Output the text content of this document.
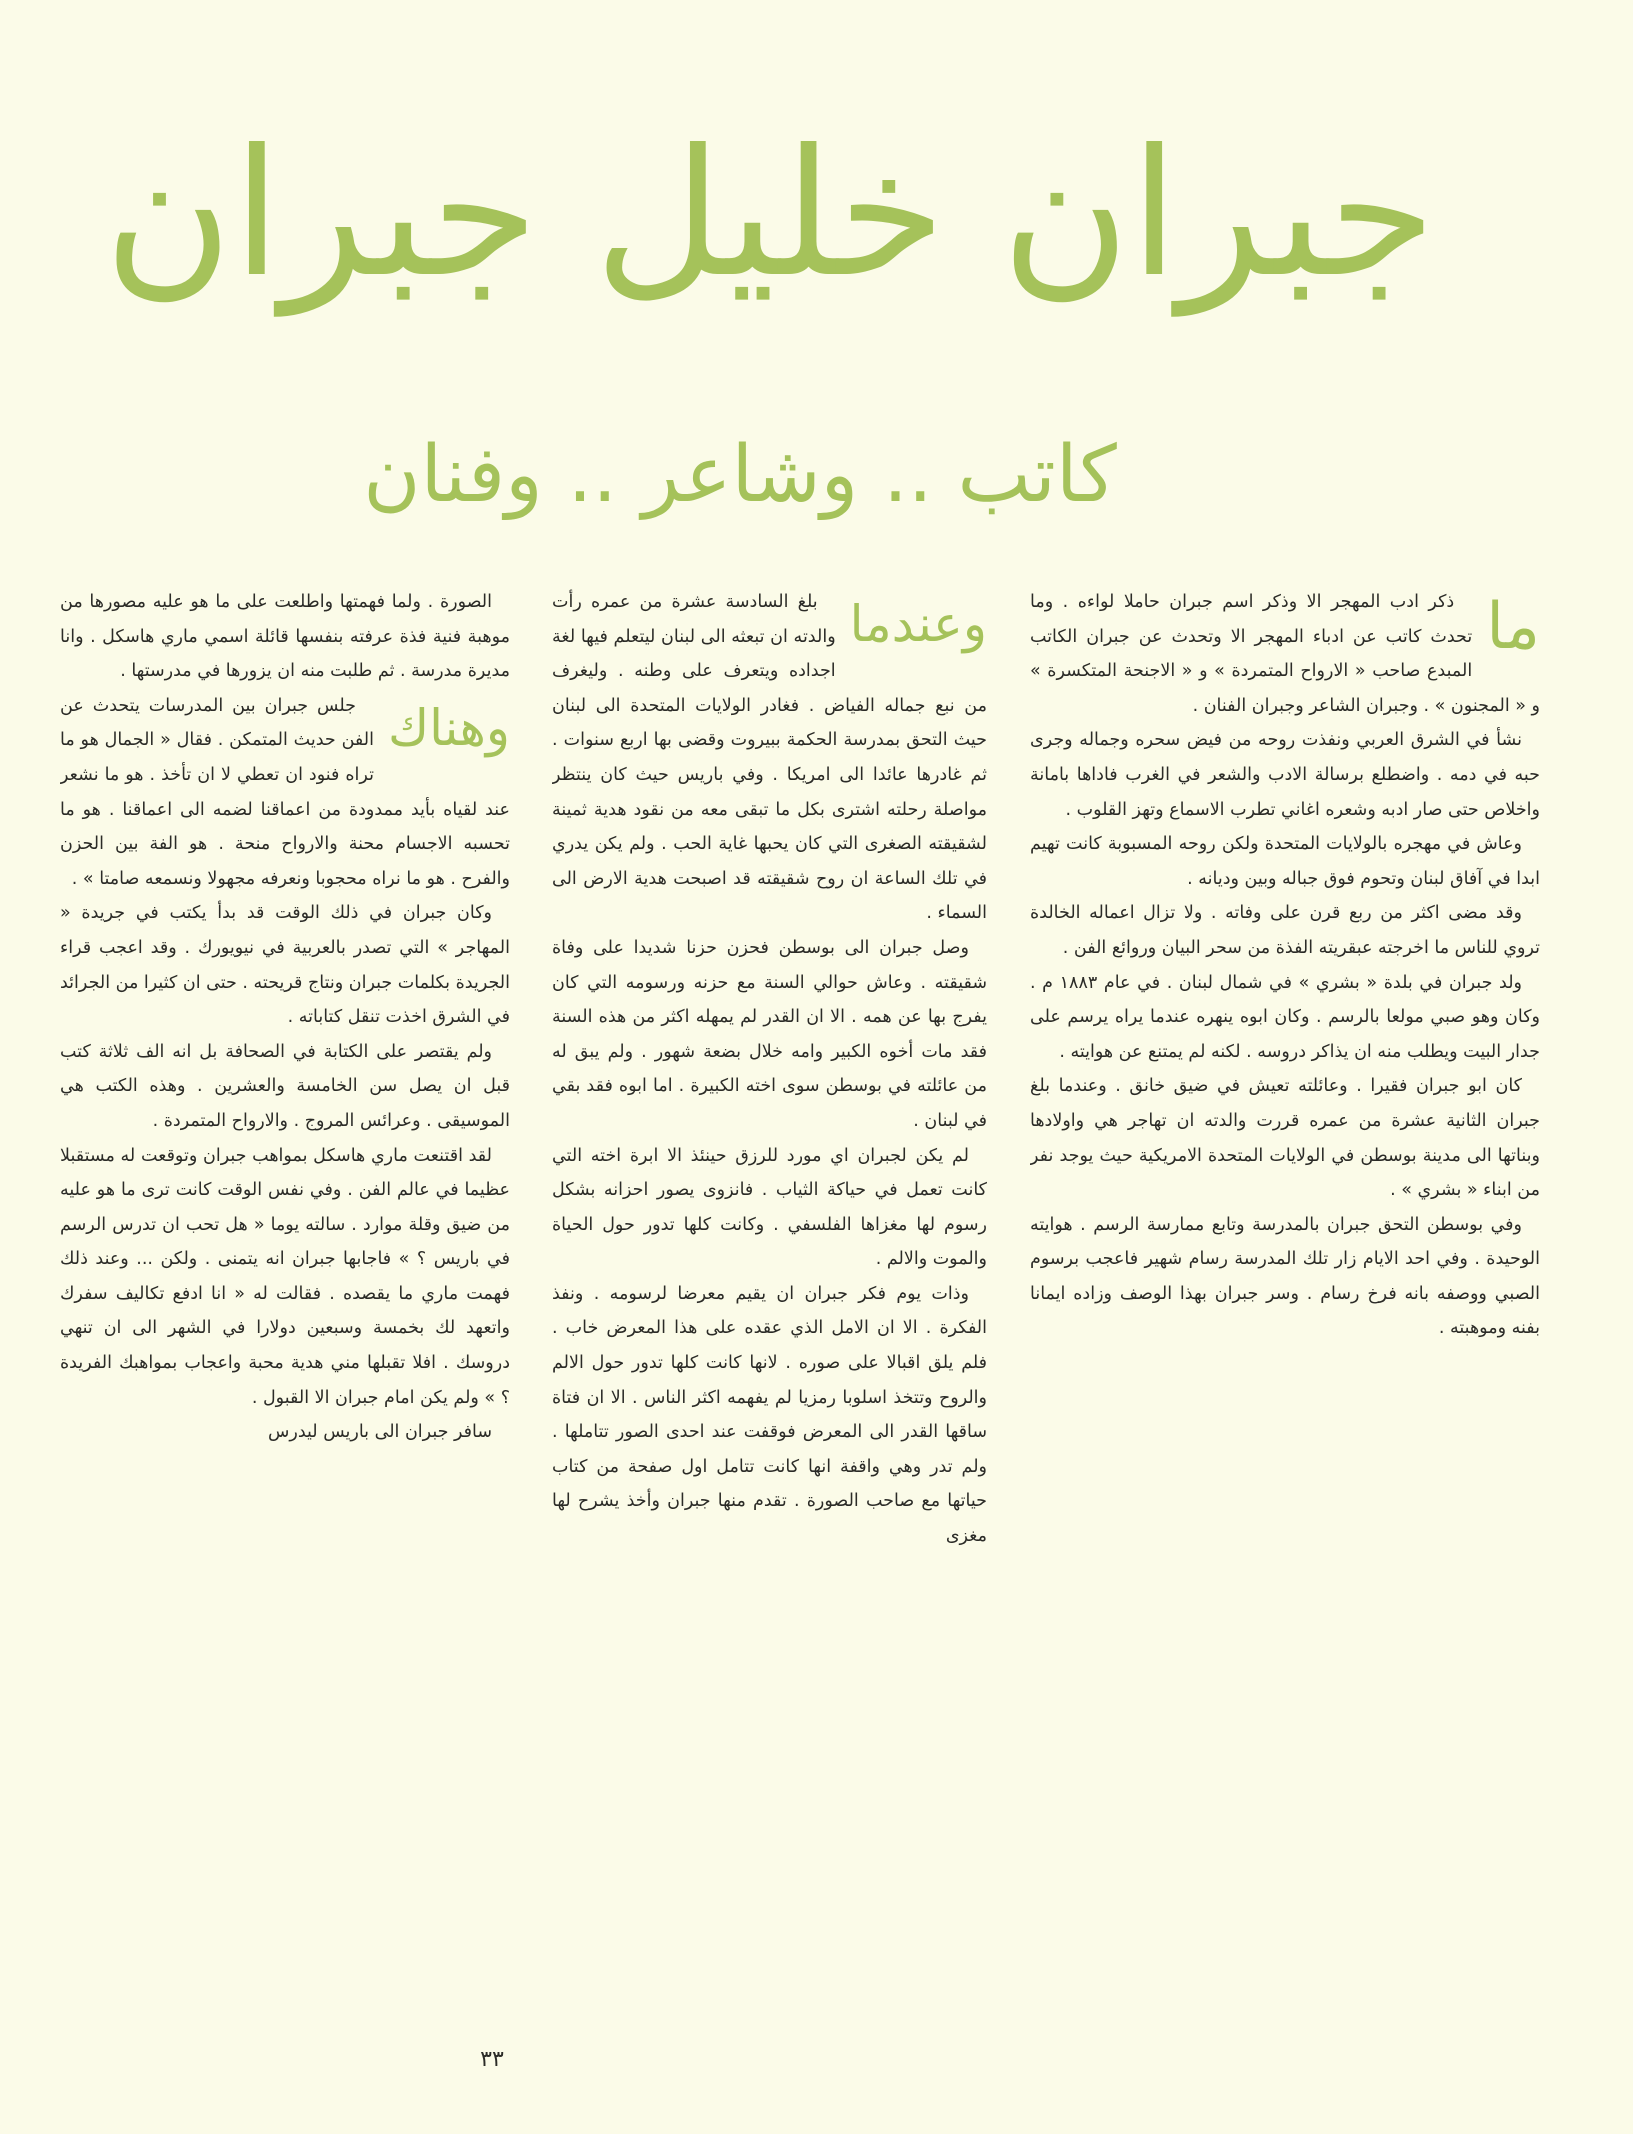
جبران خليل جبران
كاتب .. وشاعر .. وفنان
ما

ذكر ادب المهجر الا وذكر اسم جبران حاملا لواءه . وما تحدث كاتب عن ادباء المهجر الا وتحدث عن جبران الكاتب المبدع صاحب « الارواح المتمردة » و « الاجنحة المتكسرة » و « المجنون » . وجبران الشاعر وجبران الفنان .

نشأ في الشرق العربي ونفذت روحه من فيض سحره وجماله وجرى حبه في دمه . واضطلع برسالة الادب والشعر في الغرب فاداها بامانة واخلاص حتى صار ادبه وشعره اغاني تطرب الاسماع وتهز القلوب .

وعاش في مهجره بالولايات المتحدة ولكن روحه المسبوبة كانت تهيم ابدا في آفاق لبنان وتحوم فوق جباله وبين ودیانه .

وقد مضى اكثر من ربع قرن على وفاته . ولا تزال اعماله الخالدة تروي للناس ما اخرجته عبقريته الفذة من سحر البيان وروائع الفن .

ولد جبران في بلدة « بشري » في شمال لبنان . في عام ١٨٨٣ م . وكان وهو صبي مولعا بالرسم . وكان ابوه ينهره عندما يراه يرسم على جدار البيت ويطلب منه ان يذاكر دروسه . لكنه لم يمتنع عن هوايته .

كان ابو جبران فقيرا . وعائلته تعيش في ضيق خانق . وعندما بلغ جبران الثانية عشرة من عمره قررت والدته ان تهاجر هي واولادها وبناتها الى مدينة بوسطن في الولايات المتحدة الامريكية حيث يوجد نفر من ابناء « بشري » .

وفي بوسطن التحق جبران بالمدرسة وتابع ممارسة الرسم . هوايته الوحيدة . وفي احد الايام زار تلك المدرسة رسام شهير فاعجب برسوم الصبي ووصفه بانه فرخ رسام . وسر جبران بهذا الوصف وزاده ايمانا بفنه وموهبته .

وعندما

بلغ السادسة عشرة من عمره رأت والدته ان تبعثه الى لبنان ليتعلم فيها لغة اجداده ويتعرف على وطنه . وليغرف من نبع جماله الفياض . فغادر الولايات المتحدة الى لبنان حيث التحق بمدرسة الحكمة ببيروت وقضى بها اربع سنوات . ثم غادرها عائدا الى امريكا . وفي باريس حيث كان ينتظر مواصلة رحلته اشترى بكل ما تبقى معه من نقود هدية ثمينة لشقيقته الصغرى التي كان يحبها غاية الحب . ولم يكن يدري في تلك الساعة ان روح شقيقته قد اصبحت هدية الارض الى السماء .

وصل جبران الى بوسطن فحزن حزنا شديدا على وفاة شقيقته . وعاش حوالي السنة مع حزنه ورسومه التي كان يفرج بها عن همه . الا ان القدر لم يمهله اكثر من هذه السنة فقد مات أخوه الكبير وامه خلال بضعة شهور . ولم يبق له من عائلته في بوسطن سوى اخته الكبيرة . اما ابوه فقد بقي في لبنان .

لم يكن لجبران اي مورد للرزق حينئذ الا ابرة اخته التي كانت تعمل في حياكة الثياب . فانزوى يصور احزانه بشكل رسوم لها مغزاها الفلسفي . وكانت كلها تدور حول الحياة والموت والالم .

وذات يوم فكر جبران ان يقيم معرضا لرسومه . ونفذ الفكرة . الا ان الامل الذي عقده على هذا المعرض خاب . فلم يلق اقبالا على صوره . لانها كانت كلها تدور حول الالم والروح وتتخذ اسلوبا رمزيا لم يفهمه اكثر الناس . الا ان فتاة ساقها القدر الى المعرض فوقفت عند احدى الصور تتاملها . ولم تدر وهي واقفة انها كانت تتامل اول صفحة من كتاب حياتها مع صاحب الصورة . تقدم منها جبران وأخذ يشرح لها مغزى

الصورة . ولما فهمتها واطلعت على ما هو عليه مصورها من موهبة فنية فذة عرفته بنفسها قائلة اسمي ماري هاسكل . وانا مديرة مدرسة . ثم طلبت منه ان يزورها في مدرستها .

وهناك

جلس جبران بين المدرسات يتحدث عن الفن حديث المتمكن . فقال « الجمال هو ما تراه فنود ان تعطي لا ان تأخذ . هو ما نشعر عند لقياه بأيد ممدودة من اعماقنا لضمه الى اعماقنا . هو ما تحسبه الاجسام محنة والارواح منحة . هو الفة بين الحزن والفرح . هو ما نراه محجوبا ونعرفه مجهولا ونسمعه صامتا » .

وكان جبران في ذلك الوقت قد بدأ يكتب في جريدة « المهاجر » التي تصدر بالعربية في نيويورك . وقد اعجب قراء الجريدة بكلمات جبران ونتاج قريحته . حتى ان كثيرا من الجرائد في الشرق اخذت تنقل كتاباته .

ولم يقتصر على الكتابة في الصحافة بل انه الف ثلاثة كتب قبل ان يصل سن الخامسة والعشرين . وهذه الكتب هي الموسيقى . وعرائس المروج . والارواح المتمردة .

لقد اقتنعت ماري هاسكل بمواهب جبران وتوقعت له مستقبلا عظيما في عالم الفن . وفي نفس الوقت كانت ترى ما هو عليه من ضيق وقلة موارد . سالته يوما « هل تحب ان تدرس الرسم في باريس ؟ » فاجابها جبران انه يتمنى . ولكن ... وعند ذلك فهمت ماري ما يقصده . فقالت له « انا ادفع تكاليف سفرك واتعهد لك بخمسة وسبعين دولارا في الشهر الى ان تنهي دروسك . افلا تقبلها مني هدية محبة واعجاب بمواهبك الفريدة ؟ » ولم يكن امام جبران الا القبول .

سافر جبران الى باريس ليدرس

٣٣
